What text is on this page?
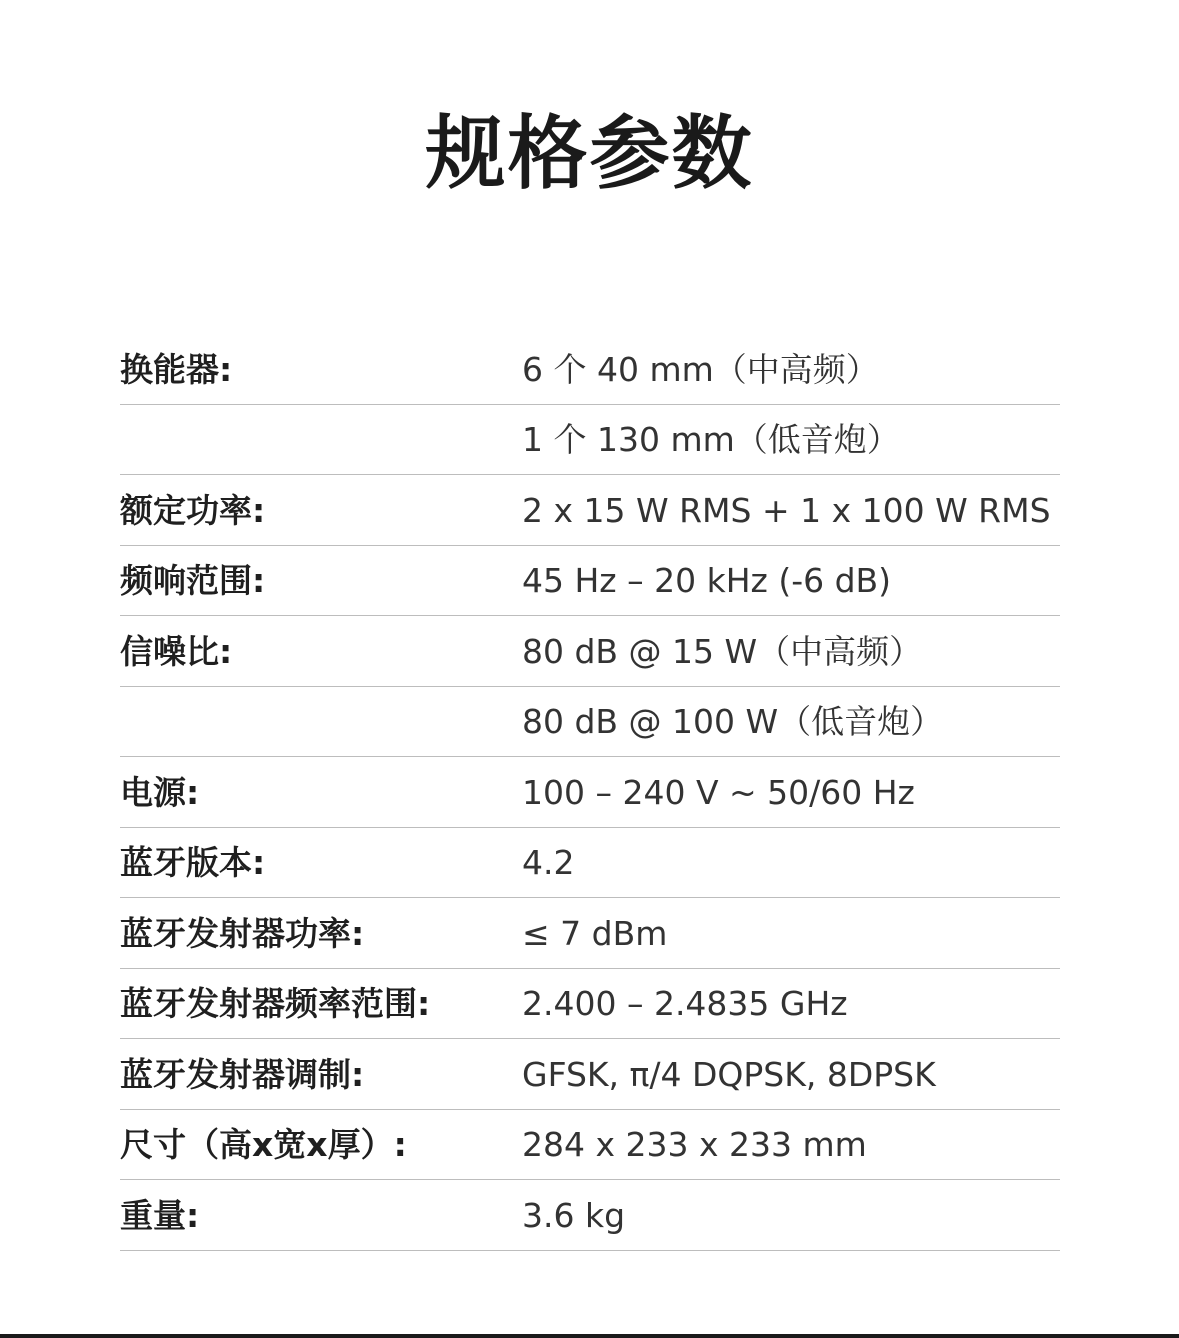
规格参数
换能器:	6 个 40 mm（中高频）
1 个 130 mm（低音炮）
额定功率:	2 x 15 W RMS + 1 x 100 W RMS
频响范围:	45 Hz – 20 kHz (-6 dB)
信噪比:	80 dB @ 15 W（中高频）
80 dB @ 100 W（低音炮）
电源:	100 – 240 V ~ 50/60 Hz
蓝牙版本:	4.2
蓝牙发射器功率:	≤ 7 dBm
蓝牙发射器频率范围:	2.400 – 2.4835 GHz
蓝牙发射器调制:	GFSK, π/4 DQPSK, 8DPSK
尺寸（高x宽x厚）:	284 x 233 x 233 mm
重量:	3.6 kg
